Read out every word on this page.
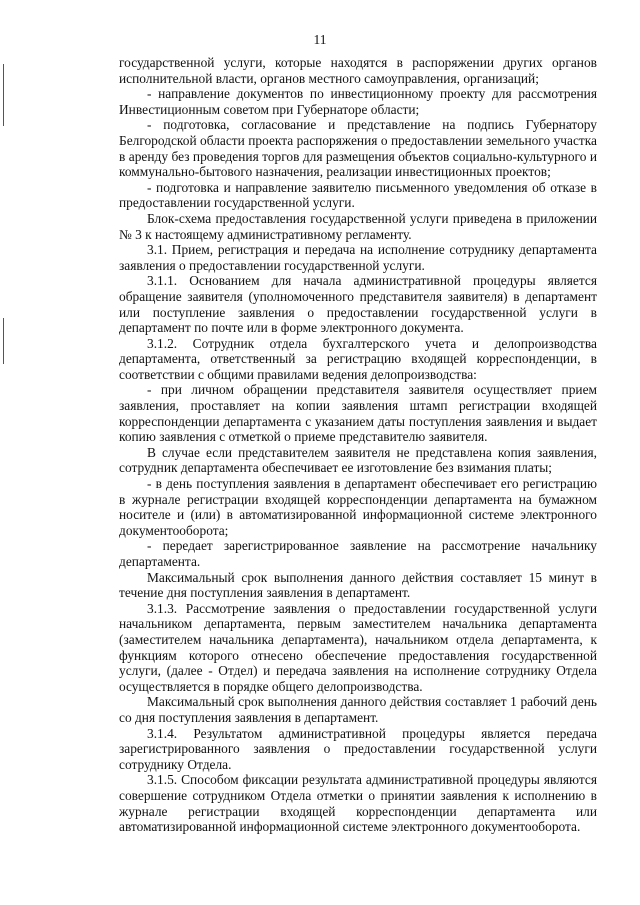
11

государственной услуги, которые находятся в распоряжении других органов исполнительной власти, органов местного самоуправления, организаций;

- направление документов по инвестиционному проекту для рассмотрения Инвестиционным советом при Губернаторе области;

- подготовка, согласование и представление на подпись Губернатору Белгородской области проекта распоряжения о предоставлении земельного участка в аренду без проведения торгов для размещения объектов социально-культурного и коммунально-бытового назначения, реализации инвестиционных проектов;

- подготовка и направление заявителю письменного уведомления об отказе в предоставлении государственной услуги.

Блок-схема предоставления государственной услуги приведена в приложении № 3 к настоящему административному регламенту.

3.1. Прием, регистрация и передача на исполнение сотруднику департамента заявления о предоставлении государственной услуги.

3.1.1. Основанием для начала административной процедуры является обращение заявителя (уполномоченного представителя заявителя) в департамент или поступление заявления о предоставлении государственной услуги в департамент по почте или в форме электронного документа.

3.1.2. Сотрудник отдела бухгалтерского учета и делопроизводства департамента, ответственный за регистрацию входящей корреспонденции, в соответствии с общими правилами ведения делопроизводства:

- при личном обращении представителя заявителя осуществляет прием заявления, проставляет на копии заявления штамп регистрации входящей корреспонденции департамента с указанием даты поступления заявления и выдает копию заявления с отметкой о приеме представителю заявителя.

В случае если представителем заявителя не представлена копия заявления, сотрудник департамента обеспечивает ее изготовление без взимания платы;

- в день поступления заявления в департамент обеспечивает его регистрацию в журнале регистрации входящей корреспонденции департамента на бумажном носителе и (или) в автоматизированной информационной системе электронного документооборота;

- передает зарегистрированное заявление на рассмотрение начальнику департамента.

Максимальный срок выполнения данного действия составляет 15 минут в течение дня поступления заявления в департамент.

3.1.3. Рассмотрение заявления о предоставлении государственной услуги начальником департамента, первым заместителем начальника департамента (заместителем начальника департамента), начальником отдела департамента, к функциям которого отнесено обеспечение предоставления государственной услуги, (далее - Отдел) и передача заявления на исполнение сотруднику Отдела осуществляется в порядке общего делопроизводства.

Максимальный срок выполнения данного действия составляет 1 рабочий день со дня поступления заявления в департамент.

3.1.4. Результатом административной процедуры является передача зарегистрированного заявления о предоставлении государственной услуги сотруднику Отдела.

3.1.5. Способом фиксации результата административной процедуры являются совершение сотрудником Отдела отметки о принятии заявления к исполнению в журнале регистрации входящей корреспонденции департамента или автоматизированной информационной системе электронного документооборота.
